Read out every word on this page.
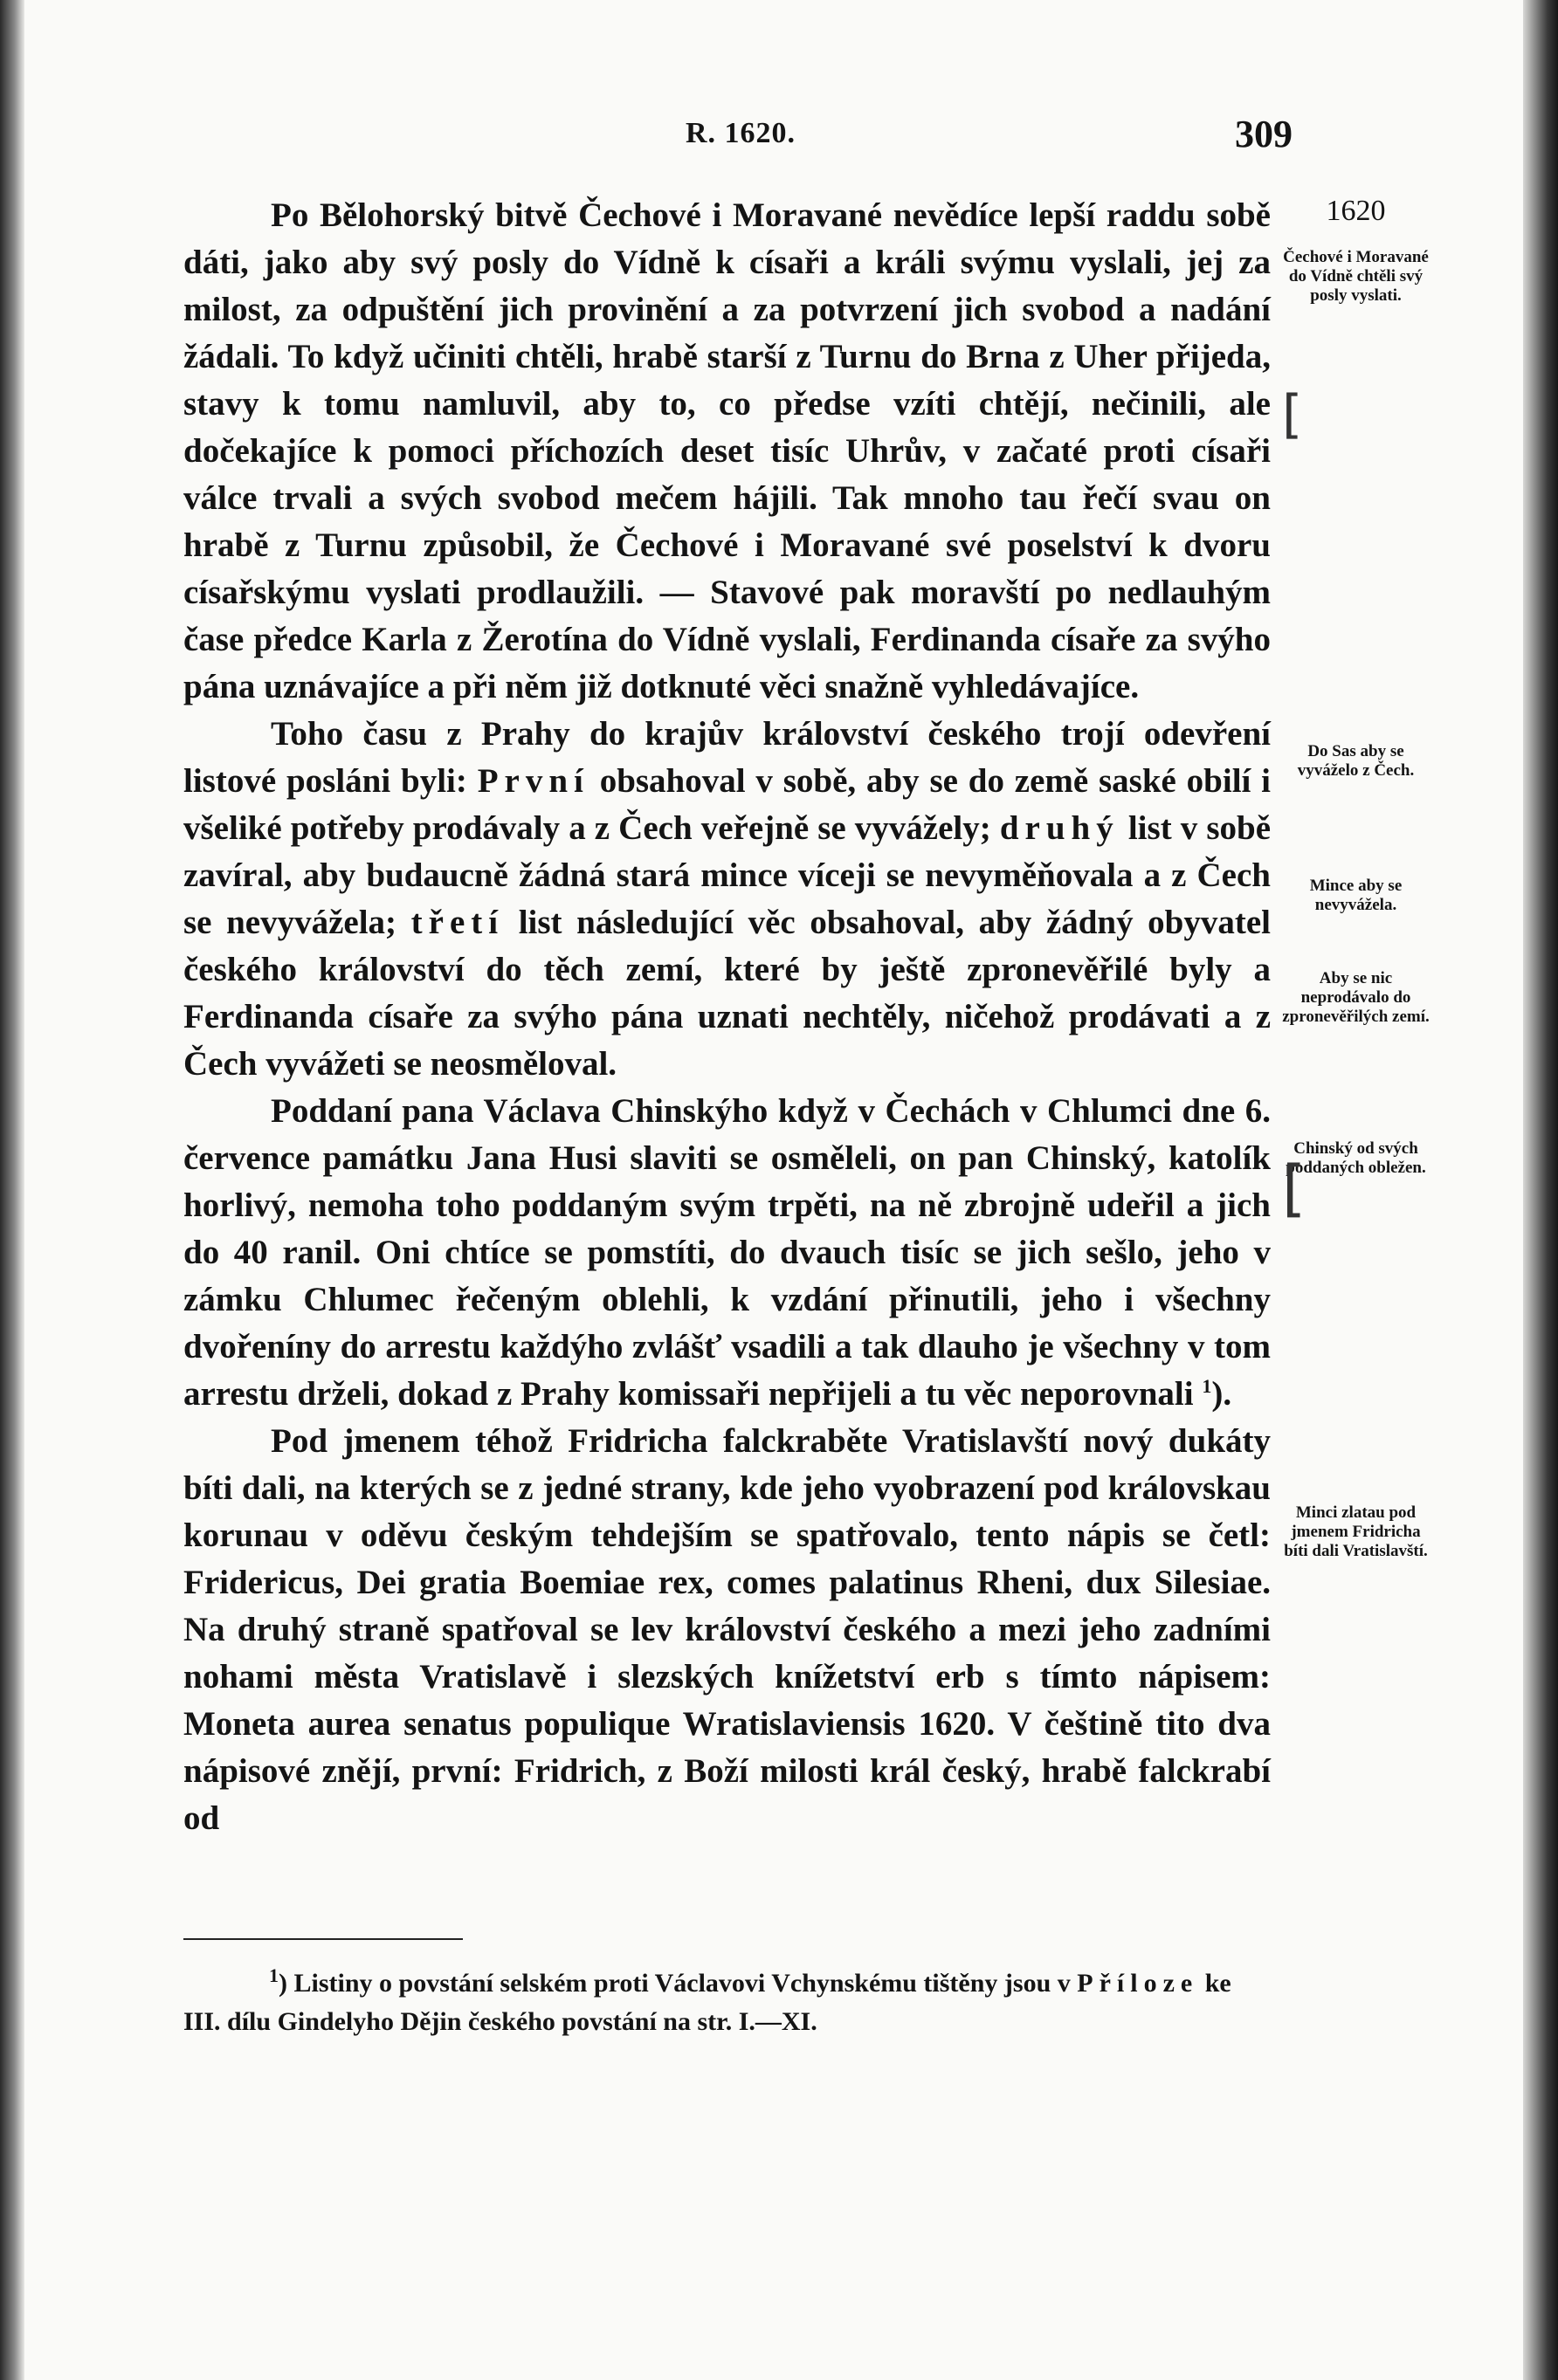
R. 1620.	309

Po Bělohorský bitvě Čechové i Moravané nevědíce lepší raddu sobě dáti, jako aby svý posly do Vídně k císaři a králi svýmu vyslali, jej za milost, za odpuštění jich provinění a za potvrzení jich svobod a nadání žádali. To když učiniti chtěli, hrabě starší z Turnu do Brna z Uher přijeda, stavy k tomu namluvil, aby to, co předse vzíti chtějí, nečinili, ale dočekajíce k pomoci příchozích deset tisíc Uhrův, v začaté proti císaři válce trvali a svých svobod mečem hájili. Tak mnoho tau řečí svau on hrabě z Turnu způsobil, že Čechové i Moravané své poselství k dvoru císařskýmu vyslati prodlaužili. — Stavové pak moravští po nedlauhým čase předce Karla z Žerotína do Vídně vyslali, Ferdinanda císaře za svýho pána uznávajíce a při něm již dotknuté věci snažně vyhledávajíce.

Toho času z Prahy do krajův království českého trojí odevření listové posláni byli: První obsahoval v sobě, aby se do země saské obilí i všeliké potřeby prodávaly a z Čech veřejně se vyvážely; druhý list v sobě zavíral, aby budaucně žádná stará mince víceji se nevyměňovala a z Čech se nevyvážela; třetí list následující věc obsahoval, aby žádný obyvatel českého království do těch zemí, které by ještě zpronevěřilé byly a Ferdinanda císaře za svýho pána uznati nechtěly, ničehož prodávati a z Čech vyvážeti se neosměloval.

Poddaní pana Václava Chinskýho když v Čechách v Chlumci dne 6. července památku Jana Husi slaviti se osměleli, on pan Chinský, katolík horlivý, nemoha toho poddaným svým trpěti, na ně zbrojně udeřil a jich do 40 ranil. Oni chtíce se pomstíti, do dvauch tisíc se jich sešlo, jeho v zámku Chlumec řečeným oblehli, k vzdání přinutili, jeho i všechny dvořeníny do arrestu každýho zvlášť vsadili a tak dlauho je všechny v tom arrestu drželi, dokad z Prahy komissaři nepřijeli a tu věc neporovnali $^1$).

Pod jmenem téhož Fridricha falckraběte Vratislavští nový dukáty bíti dali, na kterých se z jedné strany, kde jeho vyobrazení pod královskau korunau v oděvu českým tehdejším se spatřovalo, tento nápis se četl: Fridericus, Dei gratia Boemiae rex, comes palatinus Rheni, dux Silesiae. Na druhý straně spatřoval se lev království českého a mezi jeho zadními nohami města Vratislavě i slezských knížetství erb s tímto nápisem: Moneta aurea senatus populique Wratislaviensis 1620. V češtině tito dva nápisové znějí, první: Fridrich, z Boží milosti král český, hrabě falckrabí od

1620
Čechové i Moravané do Vídně chtěli svý posly vyslati.
Do Sas aby se vyváželo z Čech.
Mince aby se nevyvážela.
Aby se nic neprodávalo do zpronevěřilých zemí.
Chinský od svých poddaných obležen.
Minci zlatau pod jmenem Fridricha bíti dali Vratislavští.
[
[

$^1$) Listiny o povstání selském proti Václavovi Vchynskému tištěny jsou v Příloze ke III. dílu Gindelyho Dějin českého povstání na str. I.—XI.
